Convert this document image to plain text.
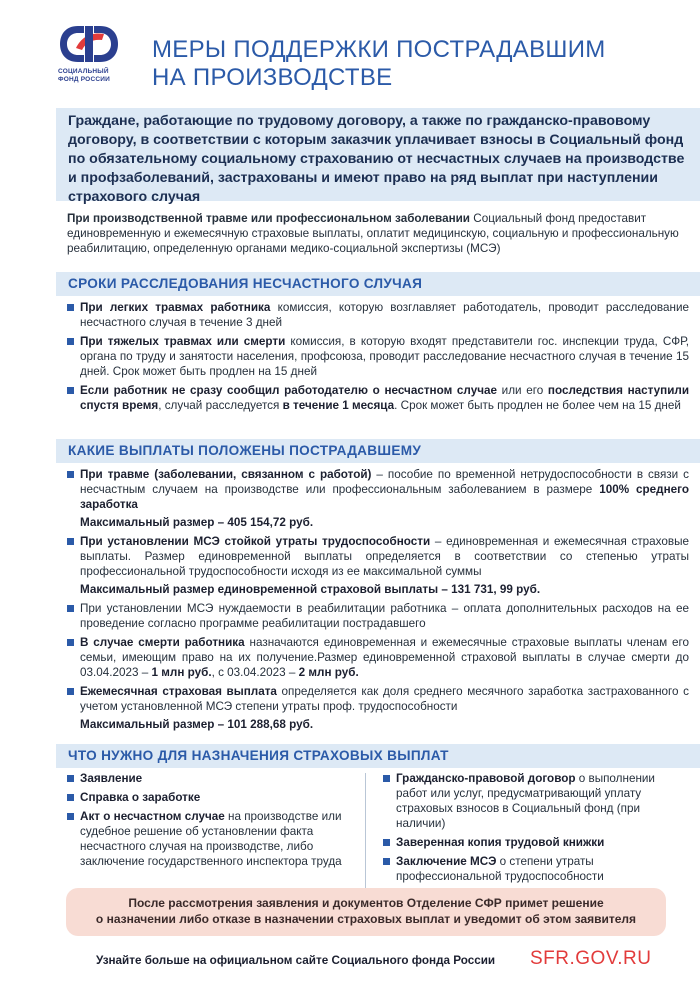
СОЦИАЛЬНЫЙ
ФОНД РОССИИ
МЕРЫ ПОДДЕРЖКИ ПОСТРАДАВШИМ
НА ПРОИЗВОДСТВЕ
Граждане, работающие по трудовому договору, а также по гражданско-правовому договору, в соответствии с которым заказчик уплачивает взносы в Социальный фонд по обязательному социальному страхованию от несчастных случаев на производстве и профзаболеваний, застрахованы и имеют право на ряд выплат при наступлении страхового случая
При производственной травме или профессиональном заболевании Социальный фонд предоставит единовременную и ежемесячную страховые выплаты, оплатит медицинскую, социальную и профессиональную реабилитацию, определенную органами медико-социальной экспертизы (МСЭ)
СРОКИ РАССЛЕДОВАНИЯ НЕСЧАСТНОГО СЛУЧАЯ
При легких травмах работника комиссия, которую возглавляет работодатель, проводит расследование несчастного случая в течение 3 дней
При тяжелых травмах или смерти комиссия, в которую входят представители гос. инспекции труда, СФР, органа по труду и занятости населения, профсоюза, проводит расследование несчастного случая в течение 15 дней. Срок может быть продлен на 15 дней
Если работник не сразу сообщил работодателю о несчастном случае или его последствия наступили спустя время, случай расследуется в течение 1 месяца. Срок может быть продлен не более чем на 15 дней
КАКИЕ ВЫПЛАТЫ ПОЛОЖЕНЫ ПОСТРАДАВШЕМУ
При травме (заболевании, связанном с работой) – пособие по временной нетрудоспособности в связи с несчастным случаем на производстве или профессиональным заболеванием в размере 100% среднего заработка
Максимальный размер – 405 154,72 руб.
При установлении МСЭ стойкой утраты трудоспособности – единовременная и ежемесячная страховые выплаты. Размер единовременной выплаты определяется в соответствии со степенью утраты профессиональной трудоспособности исходя из ее максимальной суммы
Максимальный размер единовременной страховой выплаты – 131 731, 99 руб.
При установлении МСЭ нуждаемости в реабилитации работника – оплата дополнительных расходов на ее проведение согласно программе реабилитации пострадавшего
В случае смерти работника назначаются единовременная и ежемесячные страховые выплаты членам его семьи, имеющим право на их получение.Размер единовременной страховой выплаты в случае смерти до 03.04.2023 – 1 млн руб., с 03.04.2023 – 2 млн руб.
Ежемесячная страховая выплата определяется как доля среднего месячного заработка застрахованного с учетом установленной МСЭ степени утраты проф. трудоспособности
Максимальный размер – 101 288,68 руб.
ЧТО НУЖНО ДЛЯ НАЗНАЧЕНИЯ СТРАХОВЫХ ВЫПЛАТ
Заявление
Справка о заработке
Акт о несчастном случае на производстве или судебное решение об установлении факта несчастного случая на производстве, либо заключение государственного инспектора труда
Гражданско-правовой договор о выполнении работ или услуг, предусматривающий уплату страховых взносов в Социальный фонд (при наличии)
Заверенная копия трудовой книжки
Заключение МСЭ о степени утраты профессиональной трудоспособности
После рассмотрения заявления и документов Отделение СФР примет решение
о назначении либо отказе в назначении страховых выплат и уведомит об этом заявителя
Узнайте больше на официальном сайте Социального фонда России SFR.GOV.RU
